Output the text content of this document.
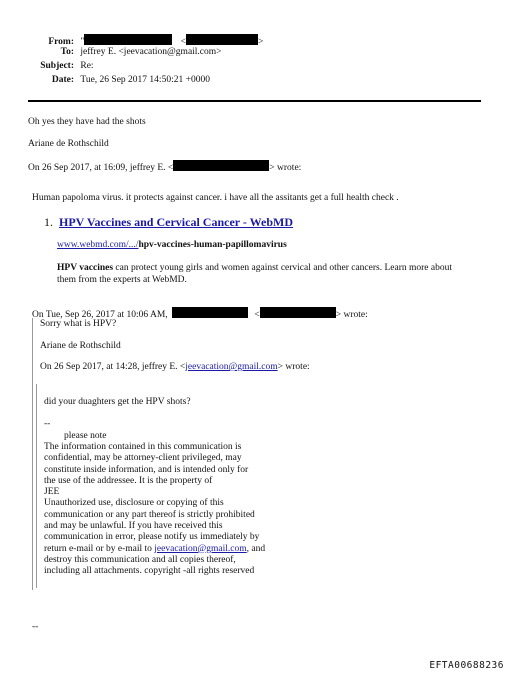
From: "	<	>
To: jeffrey E. <jeevacation@gmail.com>
Subject: Re:
Date: Tue, 26 Sep 2017 14:50:21 +0000
Oh yes they have had the shots
Ariane de Rothschild
On 26 Sep 2017, at 16:09, jeffrey E. <	> wrote:
Human papoloma virus. it protects against cancer. i have all the assitants get a full health check .
1. HPV Vaccines and Cervical Cancer - WebMD
www.webmd.com/.../hpv-vaccines-human-papillomavirus
HPV vaccines can protect young girls and women against cervical and other cancers. Learn more about
them from the experts at WebMD.
On Tue, Sep 26, 2017 at 10:06 AM,	<	> wrote:
Sorry what is HPV?
Ariane de Rothschild
On 26 Sep 2017, at 14:28, jeffrey E. <jeevacation@gmail.com> wrote:
did your duaghters get the HPV shots?
--
please note
The information contained in this communication is
confidential, may be attorney-client privileged, may
constitute inside information, and is intended only for
the use of the addressee. It is the property of
JEE
Unauthorized use, disclosure or copying of this
communication or any part thereof is strictly prohibited
and may be unlawful. If you have received this
communication in error, please notify us immediately by
return e-mail or by e-mail to jeevacation@gmail.com, and
destroy this communication and all copies thereof,
including all attachments. copyright -all rights reserved
--
EFTA00688236
